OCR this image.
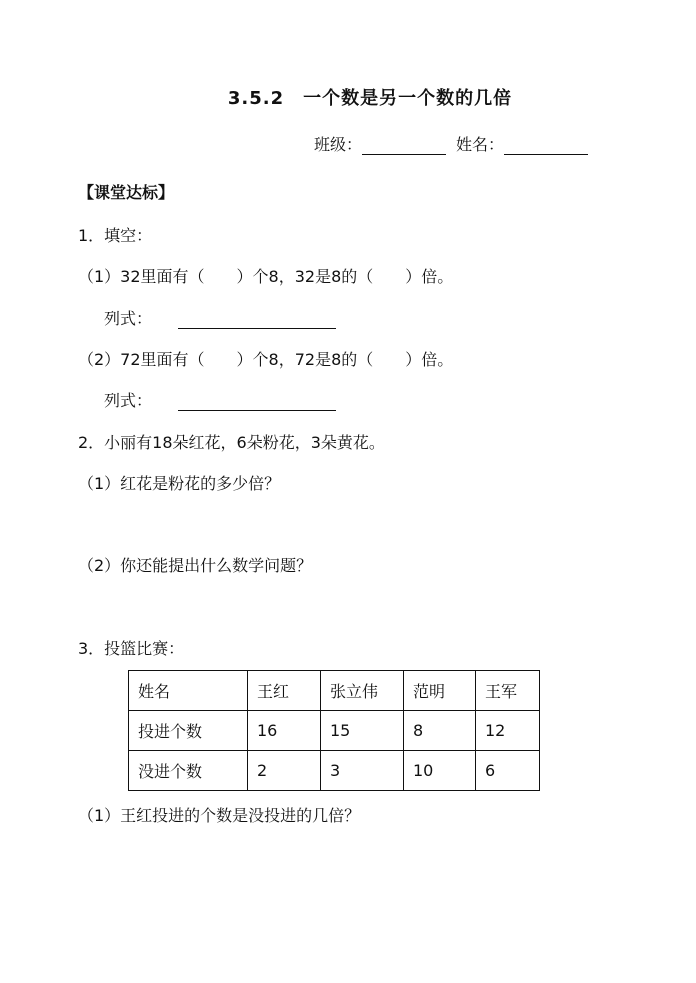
3.5.2　一个数是另一个数的几倍
班级：	姓名：
【课堂达标】
1．填空：
（1）32里面有（　　）个8，32是8的（　　）倍。
列式：
（2）72里面有（　　）个8，72是8的（　　）倍。
列式：
2．小丽有18朵红花，6朵粉花，3朵黄花。
（1）红花是粉花的多少倍？
（2）你还能提出什么数学问题？
3．投篮比赛：
姓名	王红	张立伟	范明	王军
投进个数	16	15	8	12
没进个数	2	3	10	6
（1）王红投进的个数是没投进的几倍？
